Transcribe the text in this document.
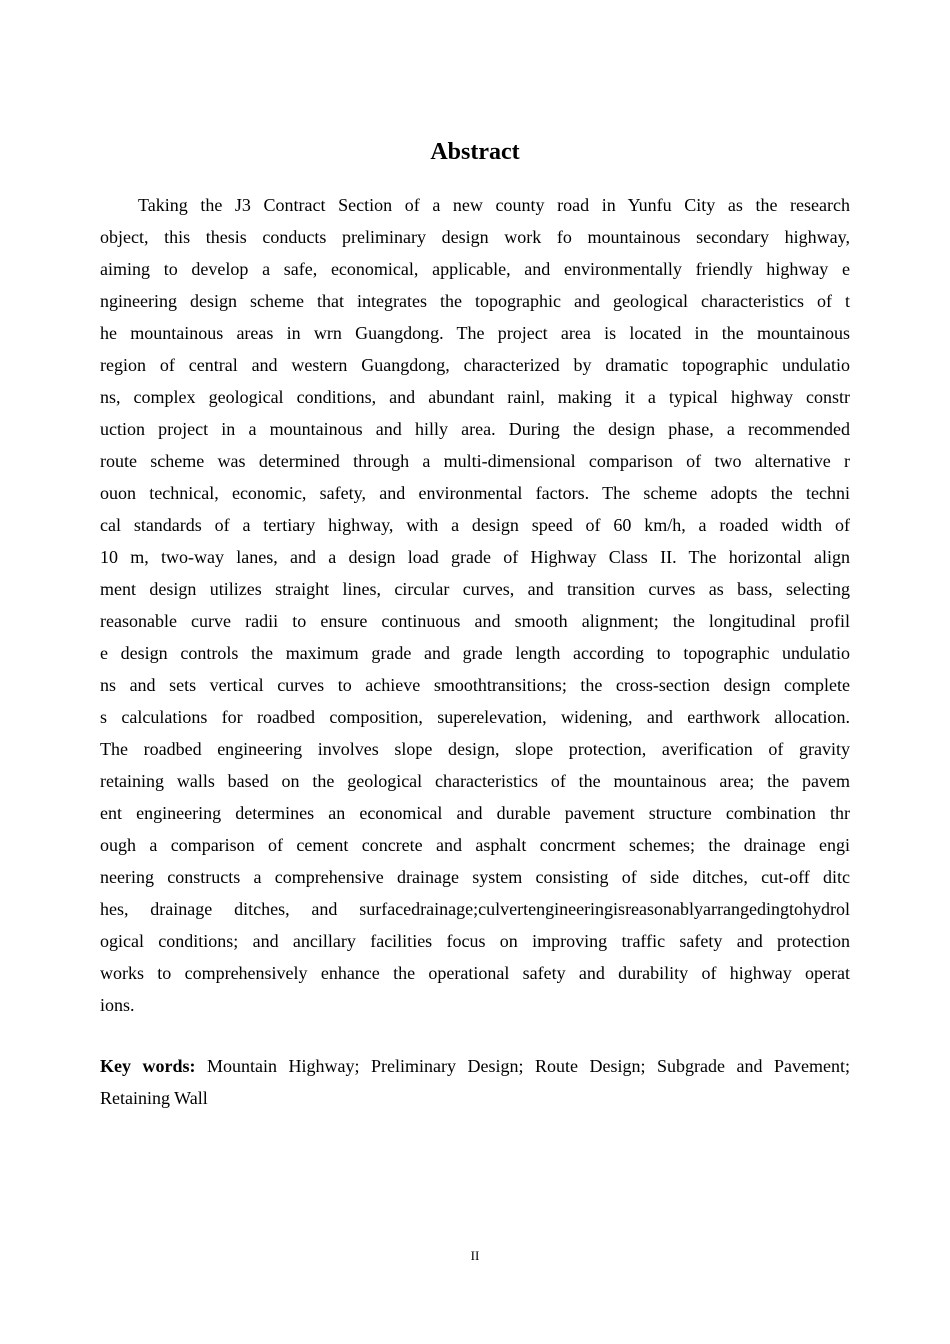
Abstract
Taking the J3 Contract Section of a new county road in Yunfu City as the research
object, this thesis conducts preliminary design work fo mountainous secondary highway,
aiming to develop a safe, economical, applicable, and environmentally friendly highway e
ngineering design scheme that integrates the topographic and geological characteristics of t
he mountainous areas in wrn Guangdong. The project area is located in the mountainous
region of central and western Guangdong, characterized by dramatic topographic undulatio
ns, complex geological conditions, and abundant rainl, making it a typical highway constr
uction project in a mountainous and hilly area. During the design phase, a recommended
route scheme was determined through a multi-dimensional comparison of two alternative r
ouon technical, economic, safety, and environmental factors. The scheme adopts the techni
cal standards of a tertiary highway, with a design speed of 60 km/h, a roaded width of
10 m, two-way lanes, and a design load grade of Highway Class II. The horizontal align
ment design utilizes straight lines, circular curves, and transition curves as bass, selecting
reasonable curve radii to ensure continuous and smooth alignment; the longitudinal profil
e design controls the maximum grade and grade length according to topographic undulatio
ns and sets vertical curves to achieve smoothtransitions; the cross-section design complete
s calculations for roadbed composition, superelevation, widening, and earthwork allocation.
The roadbed engineering involves slope design, slope protection, averification of gravity
retaining walls based on the geological characteristics of the mountainous area; the pavem
ent engineering determines an economical and durable pavement structure combination thr
ough a comparison of cement concrete and asphalt concrment schemes; the drainage engi
neering constructs a comprehensive drainage system consisting of side ditches, cut-off ditc
hes, drainage ditches, and surfacedrainage;culvertengineeringisreasonablyarrangedingtohydrol
ogical conditions; and ancillary facilities focus on improving traffic safety and protection
works to comprehensively enhance the operational safety and durability of highway operat
ions.
Key words: Mountain Highway; Preliminary Design; Route Design; Subgrade and Pavement;
Retaining Wall
II
